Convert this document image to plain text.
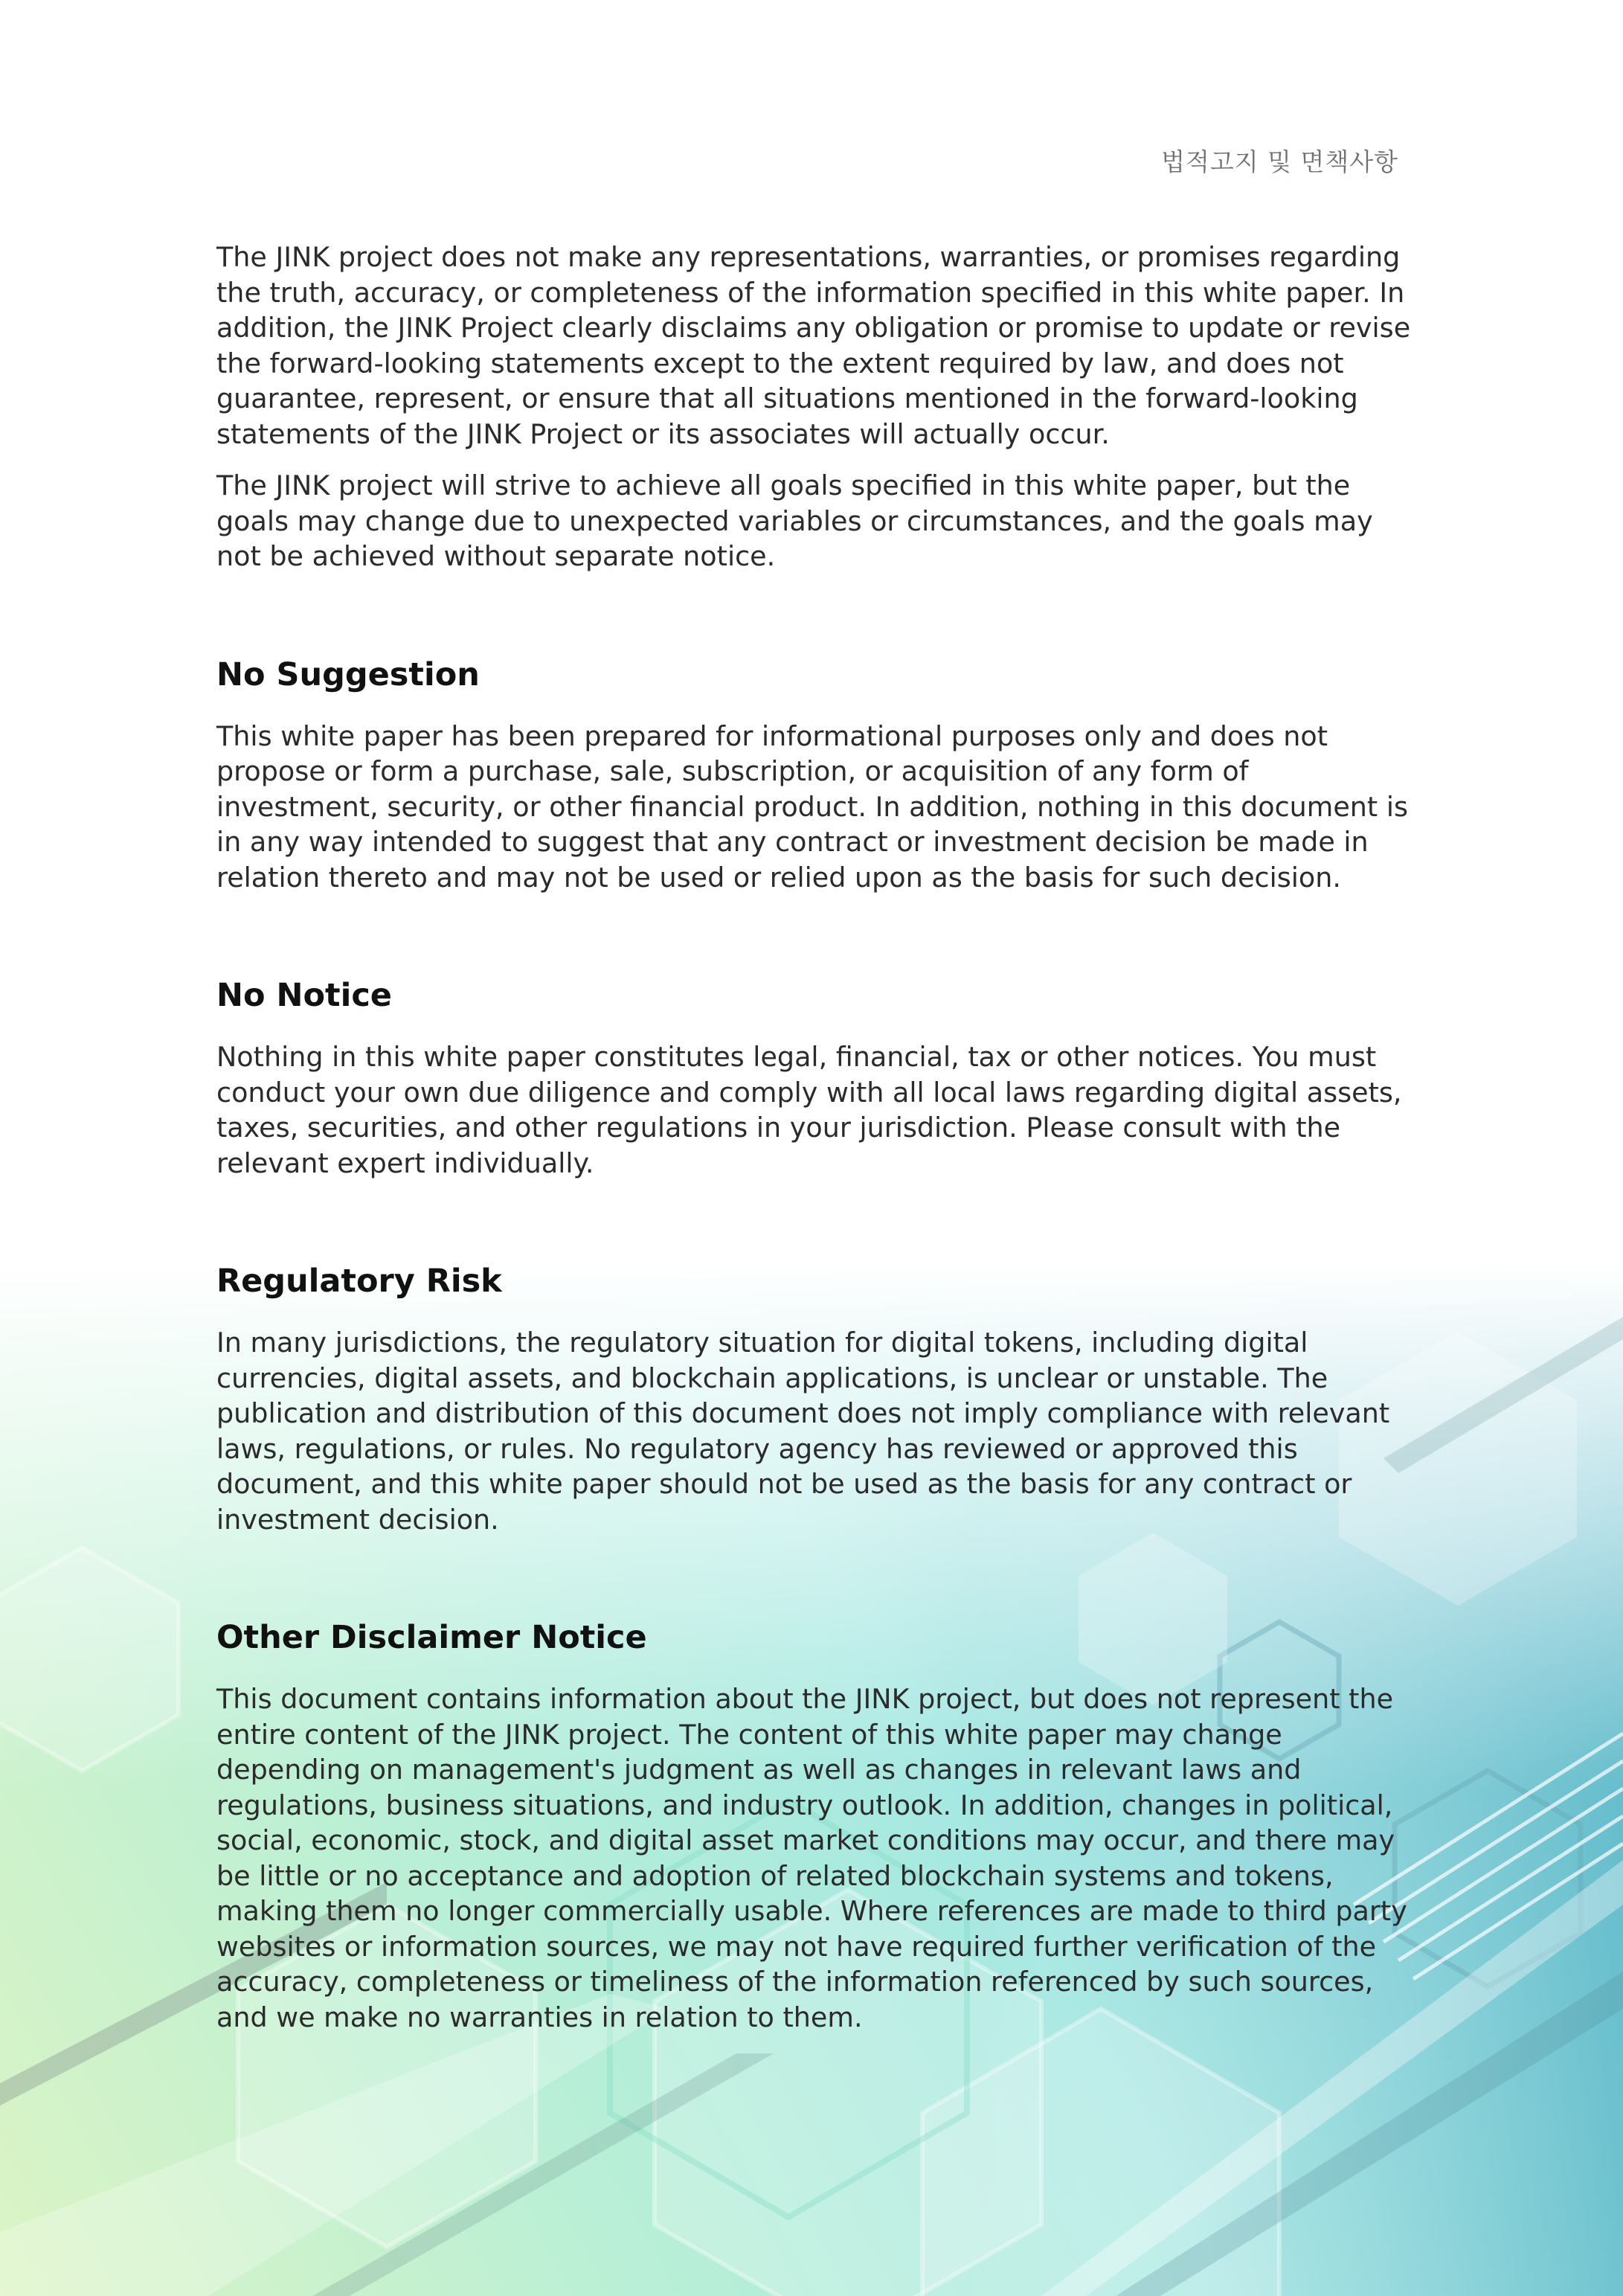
법적고지 및 면책사항

The JINK project does not make any representations, warranties, or promises regarding the truth, accuracy, or completeness of the information specified in this white paper. In addition, the JINK Project clearly disclaims any obligation or promise to update or revise the forward-looking statements except to the extent required by law, and does not guarantee, represent, or ensure that all situations mentioned in the forward-looking statements of the JINK Project or its associates will actually occur.

The JINK project will strive to achieve all goals specified in this white paper, but the goals may change due to unexpected variables or circumstances, and the goals may not be achieved without separate notice.

No Suggestion

This white paper has been prepared for informational purposes only and does not propose or form a purchase, sale, subscription, or acquisition of any form of investment, security, or other financial product. In addition, nothing in this document is in any way intended to suggest that any contract or investment decision be made in relation thereto and may not be used or relied upon as the basis for such decision.

No Notice

Nothing in this white paper constitutes legal, financial, tax or other notices. You must conduct your own due diligence and comply with all local laws regarding digital assets, taxes, securities, and other regulations in your jurisdiction. Please consult with the relevant expert individually.

Regulatory Risk

In many jurisdictions, the regulatory situation for digital tokens, including digital currencies, digital assets, and blockchain applications, is unclear or unstable. The publication and distribution of this document does not imply compliance with relevant laws, regulations, or rules. No regulatory agency has reviewed or approved this document, and this white paper should not be used as the basis for any contract or investment decision.

Other Disclaimer Notice

This document contains information about the JINK project, but does not represent the entire content of the JINK project. The content of this white paper may change depending on management's judgment as well as changes in relevant laws and regulations, business situations, and industry outlook. In addition, changes in political, social, economic, stock, and digital asset market conditions may occur, and there may be little or no acceptance and adoption of related blockchain systems and tokens, making them no longer commercially usable. Where references are made to third party websites or information sources, we may not have required further verification of the accuracy, completeness or timeliness of the information referenced by such sources, and we make no warranties in relation to them.
